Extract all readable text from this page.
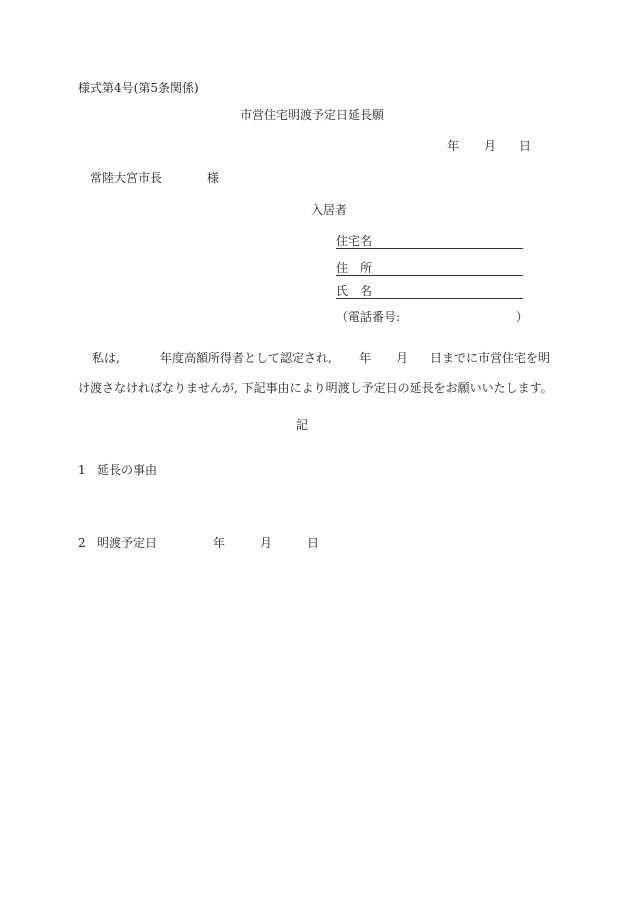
様式第4号(第5条関係)
市営住宅明渡予定日延長願
年 月 日
常陸大宮市長	様
入居者
住宅名
住　所
氏　名
（電話番号:	）
私は,	年度高額所得者として認定され, 年 月 日までに市営住宅を明
け渡さなければなりませんが, 下記事由により明渡し予定日の延長をお願いいたします。
記
1 延長の事由
2 明渡予定日	年	月	日
